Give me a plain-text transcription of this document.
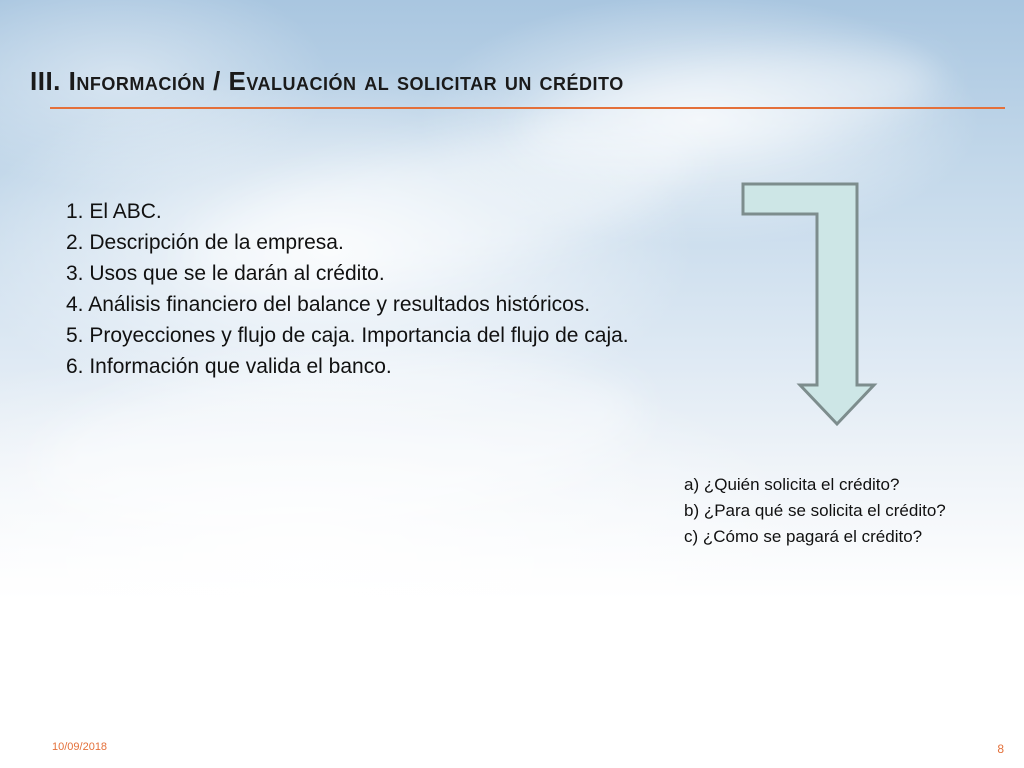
III. Información / Evaluación al solicitar un crédito
1. El ABC.
2. Descripción de la empresa.
3. Usos que se le darán al crédito.
4. Análisis financiero del balance y resultados históricos.
5. Proyecciones y flujo de caja. Importancia del flujo de caja.
6. Información que valida el banco.
a) ¿Quién solicita el crédito?
b) ¿Para qué se solicita el crédito?
c) ¿Cómo se pagará el crédito?
10/09/2018	8
